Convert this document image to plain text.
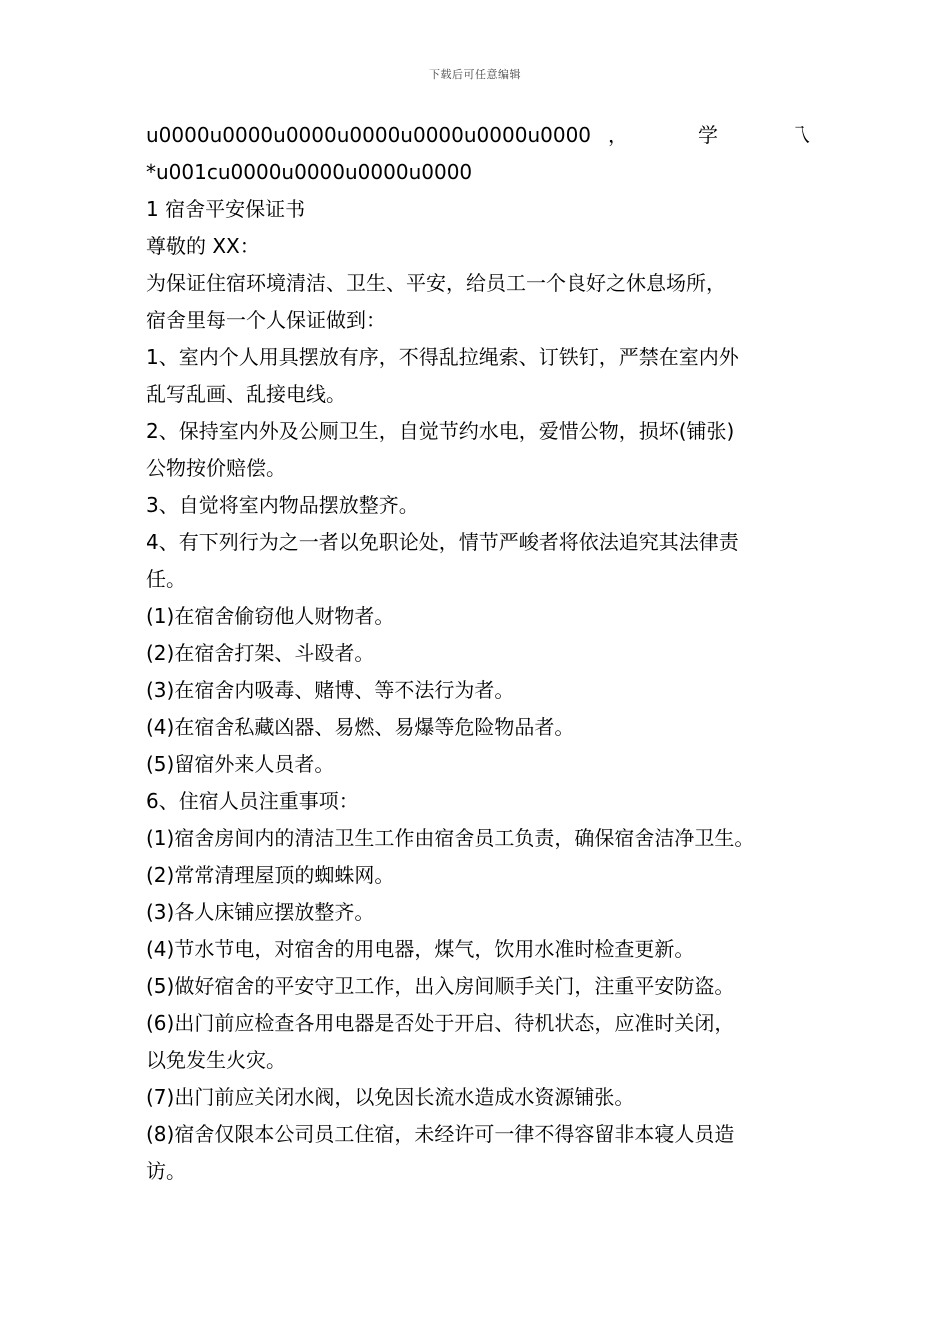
下载后可任意编辑
u0000u0000u0000u0000u0000u0000u0000 ，	学	乁
*u001cu0000u0000u0000u0000
1 宿舍平安保证书
尊敬的 XX：
为保证住宿环境清洁、卫生、平安，给员工一个良好之休息场所，
宿舍里每一个人保证做到：
1、室内个人用具摆放有序，不得乱拉绳索、订铁钉，严禁在室内外
乱写乱画、乱接电线。
2、保持室内外及公厕卫生，自觉节约水电，爱惜公物，损坏(铺张)
公物按价赔偿。
3、自觉将室内物品摆放整齐。
4、有下列行为之一者以免职论处，情节严峻者将依法追究其法律责
任。
(1)在宿舍偷窃他人财物者。
(2)在宿舍打架、斗殴者。
(3)在宿舍内吸毒、赌博、等不法行为者。
(4)在宿舍私藏凶器、易燃、易爆等危险物品者。
(5)留宿外来人员者。
6、住宿人员注重事项：
(1)宿舍房间内的清洁卫生工作由宿舍员工负责，确保宿舍洁净卫生。
(2)常常清理屋顶的蜘蛛网。
(3)各人床铺应摆放整齐。
(4)节水节电，对宿舍的用电器，煤气，饮用水准时检查更新。
(5)做好宿舍的平安守卫工作，出入房间顺手关门，注重平安防盗。
(6)出门前应检查各用电器是否处于开启、待机状态，应准时关闭，
以免发生火灾。
(7)出门前应关闭水阀，以免因长流水造成水资源铺张。
(8)宿舍仅限本公司员工住宿，未经许可一律不得容留非本寝人员造
访。
